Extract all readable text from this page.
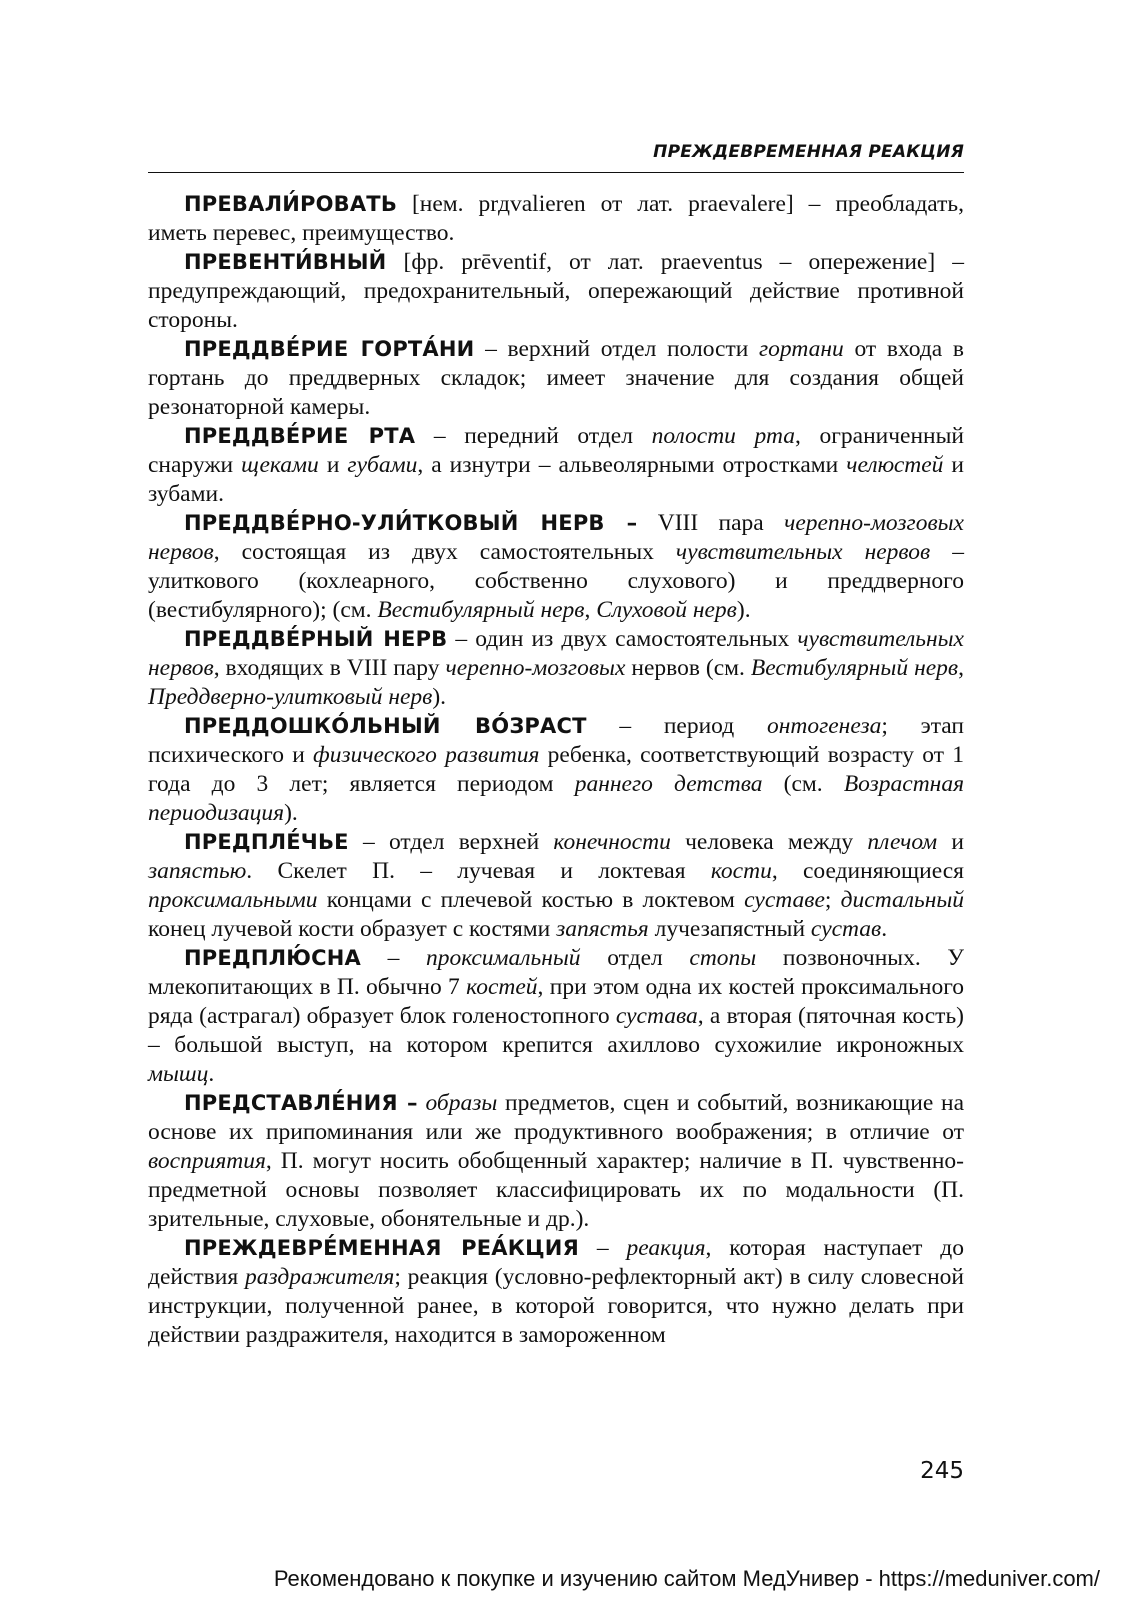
ПРЕЖДЕВРЕМЕННАЯ РЕАКЦИЯ

ПРЕВАЛИ́РОВАТЬ [нем. prдvalieren от лат. praevalere] – преобладать, иметь перевес, преимущество.

ПРЕВЕНТИ́ВНЫЙ [фр. prēventif, от лат. praeventus – опережение] – предупреждающий, предохранительный, опережающий действие противной стороны.

ПРЕДДВЕ́РИЕ ГОРТА́НИ – верхний отдел полости гортани от входа в гортань до преддверных складок; имеет значение для создания общей резонаторной камеры.

ПРЕДДВЕ́РИЕ РТА – передний отдел полости рта, ограниченный снаружи щеками и губами, а изнутри – альвеолярными отростками челюстей и зубами.

ПРЕДДВЕ́РНО-УЛИ́ТКОВЫЙ НЕРВ – VIII пара черепно-мозговых нервов, состоящая из двух самостоятельных чувствительных нервов – улиткового (кохлеарного, собственно слухового) и преддверного (вестибулярного); (см. Вестибулярный нерв, Слуховой нерв).

ПРЕДДВЕ́РНЫЙ НЕРВ – один из двух самостоятельных чувствительных нервов, входящих в VIII пару черепно-мозговых нервов (см. Вестибулярный нерв, Преддверно-улитковый нерв).

ПРЕДДОШКО́ЛЬНЫЙ ВО́ЗРАСТ – период онтогенеза; этап психического и физического развития ребенка, соответствующий возрасту от 1 года до 3 лет; является периодом раннего детства (см. Возрастная периодизация).

ПРЕДПЛЕ́ЧЬЕ – отдел верхней конечности человека между плечом и запястью. Скелет П. – лучевая и локтевая кости, соединяющиеся проксимальными концами с плечевой костью в локтевом суставе; дистальный конец лучевой кости образует с костями запястья лучезапястный сустав.

ПРЕДПЛЮ́СНА – проксимальный отдел стопы позвоночных. У млекопитающих в П. обычно 7 костей, при этом одна их костей проксимального ряда (астрагал) образует блок голеностопного сустава, а вторая (пяточная кость) – большой выступ, на котором крепится ахиллово сухожилие икроножных мышц.

ПРЕДСТАВЛЕ́НИЯ – образы предметов, сцен и событий, возникающие на основе их припоминания или же продуктивного воображения; в отличие от восприятия, П. могут носить обобщенный характер; наличие в П. чувственно-предметной основы позволяет классифицировать их по модальности (П. зрительные, слуховые, обонятельные и др.).

ПРЕЖДЕВРЕ́МЕННАЯ РЕА́КЦИЯ – реакция, которая наступает до действия раздражителя; реакция (условно-рефлекторный акт) в силу словесной инструкции, полученной ранее, в которой говорится, что нужно делать при действии раздражителя, находится в замороженном

245
Рекомендовано к покупке и изучению сайтом МедУнивер - https://meduniver.com/
